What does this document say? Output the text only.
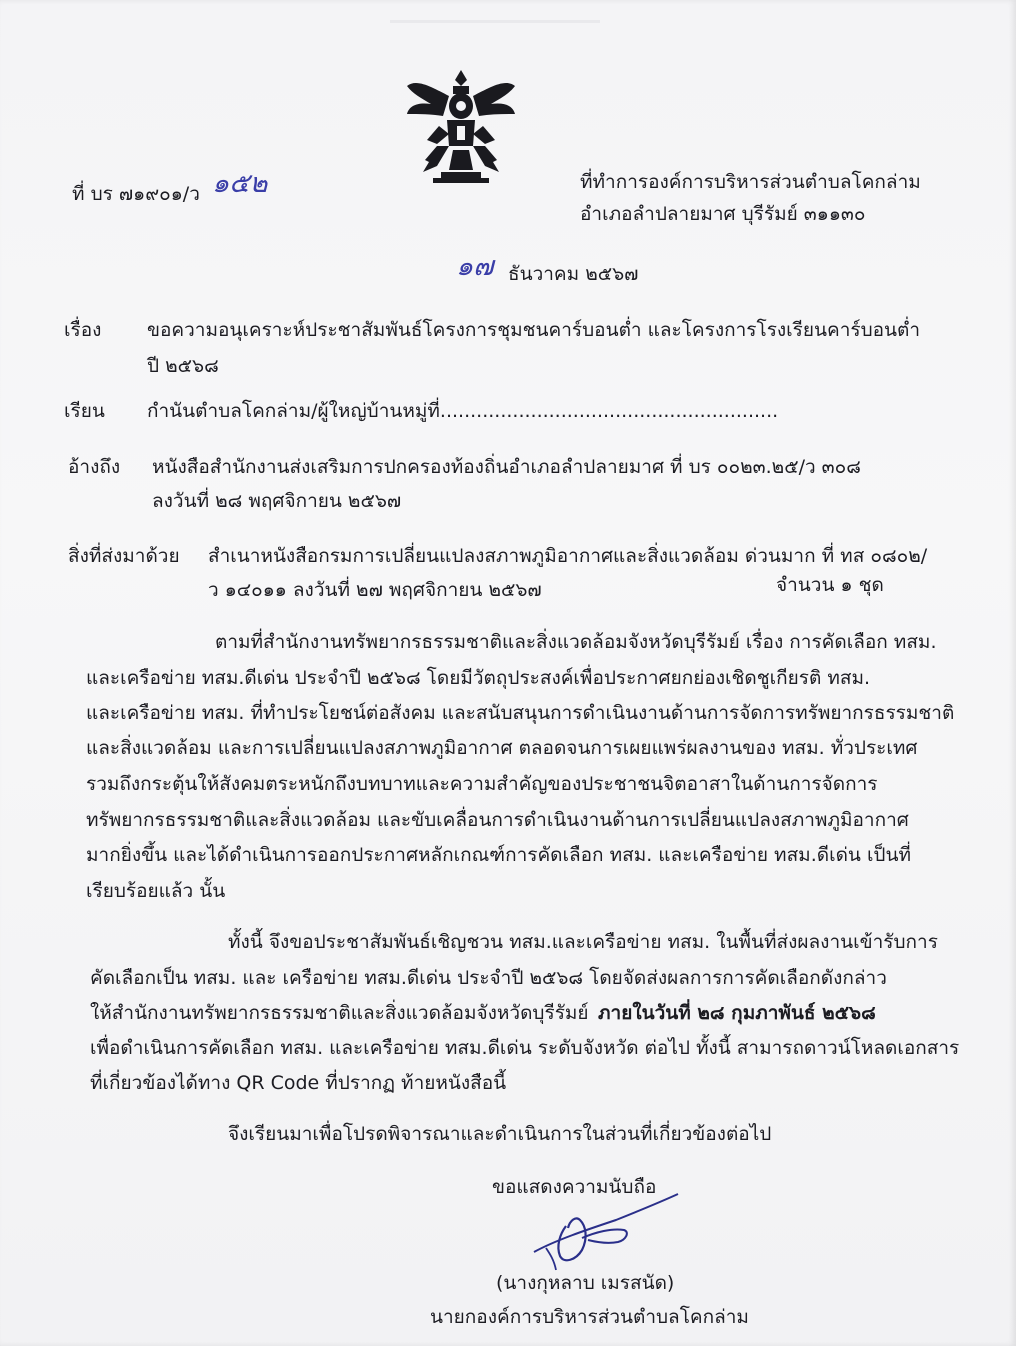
ที่ บร ๗๑๙๐๑/ว ๑๕๒	ที่ทำการองค์การบริหารส่วนตำบลโคกล่าม
อำเภอลำปลายมาศ บุรีรัมย์ ๓๑๑๓๐
๑๗ ธันวาคม ๒๕๖๗
เรื่อง ขอความอนุเคราะห์ประชาสัมพันธ์โครงการชุมชนคาร์บอนต่ำ และโครงการโรงเรียนคาร์บอนต่ำ
ปี ๒๕๖๘
เรียน กำนันตำบลโคกล่าม/ผู้ใหญ่บ้านหมู่ที่........................................................
อ้างถึง หนังสือสำนักงานส่งเสริมการปกครองท้องถิ่นอำเภอลำปลายมาศ ที่ บร ๐๐๒๓.๒๕/ว ๓๐๘
ลงวันที่ ๒๘ พฤศจิกายน ๒๕๖๗
สิ่งที่ส่งมาด้วย สำเนาหนังสือกรมการเปลี่ยนแปลงสภาพภูมิอากาศและสิ่งแวดล้อม ด่วนมาก ที่ ทส ๐๘๐๒/
ว ๑๔๐๑๑ ลงวันที่ ๒๗ พฤศจิกายน ๒๕๖๗	จำนวน ๑ ชุด
ตามที่สำนักงานทรัพยากรธรรมชาติและสิ่งแวดล้อมจังหวัดบุรีรัมย์ เรื่อง การคัดเลือก ทสม.
และเครือข่าย ทสม.ดีเด่น ประจำปี ๒๕๖๘ โดยมีวัตถุประสงค์เพื่อประกาศยกย่องเชิดชูเกียรติ ทสม.
และเครือข่าย ทสม. ที่ทำประโยชน์ต่อสังคม และสนับสนุนการดำเนินงานด้านการจัดการทรัพยากรธรรมชาติ
และสิ่งแวดล้อม และการเปลี่ยนแปลงสภาพภูมิอากาศ ตลอดจนการเผยแพร่ผลงานของ ทสม. ทั่วประเทศ
รวมถึงกระตุ้นให้สังคมตระหนักถึงบทบาทและความสำคัญของประชาชนจิตอาสาในด้านการจัดการ
ทรัพยากรธรรมชาติและสิ่งแวดล้อม และขับเคลื่อนการดำเนินงานด้านการเปลี่ยนแปลงสภาพภูมิอากาศ
มากยิ่งขึ้น และได้ดำเนินการออกประกาศหลักเกณฑ์การคัดเลือก ทสม. และเครือข่าย ทสม.ดีเด่น เป็นที่
เรียบร้อยแล้ว นั้น
ทั้งนี้ จึงขอประชาสัมพันธ์เชิญชวน ทสม.และเครือข่าย ทสม. ในพื้นที่ส่งผลงานเข้ารับการ
คัดเลือกเป็น ทสม. และ เครือข่าย ทสม.ดีเด่น ประจำปี ๒๕๖๘ โดยจัดส่งผลการการคัดเลือกดังกล่าว
ให้สำนักงานทรัพยากรธรรมชาติและสิ่งแวดล้อมจังหวัดบุรีรัมย์ ภายในวันที่ ๒๘ กุมภาพันธ์ ๒๕๖๘
เพื่อดำเนินการคัดเลือก ทสม. และเครือข่าย ทสม.ดีเด่น ระดับจังหวัด ต่อไป ทั้งนี้ สามารถดาวน์โหลดเอกสาร
ที่เกี่ยวข้องได้ทาง QR Code ที่ปรากฏ ท้ายหนังสือนี้
จึงเรียนมาเพื่อโปรดพิจารณาและดำเนินการในส่วนที่เกี่ยวข้องต่อไป
ขอแสดงความนับถือ
(นางกุหลาบ เมรสนัด)
นายกองค์การบริหารส่วนตำบลโคกล่าม
